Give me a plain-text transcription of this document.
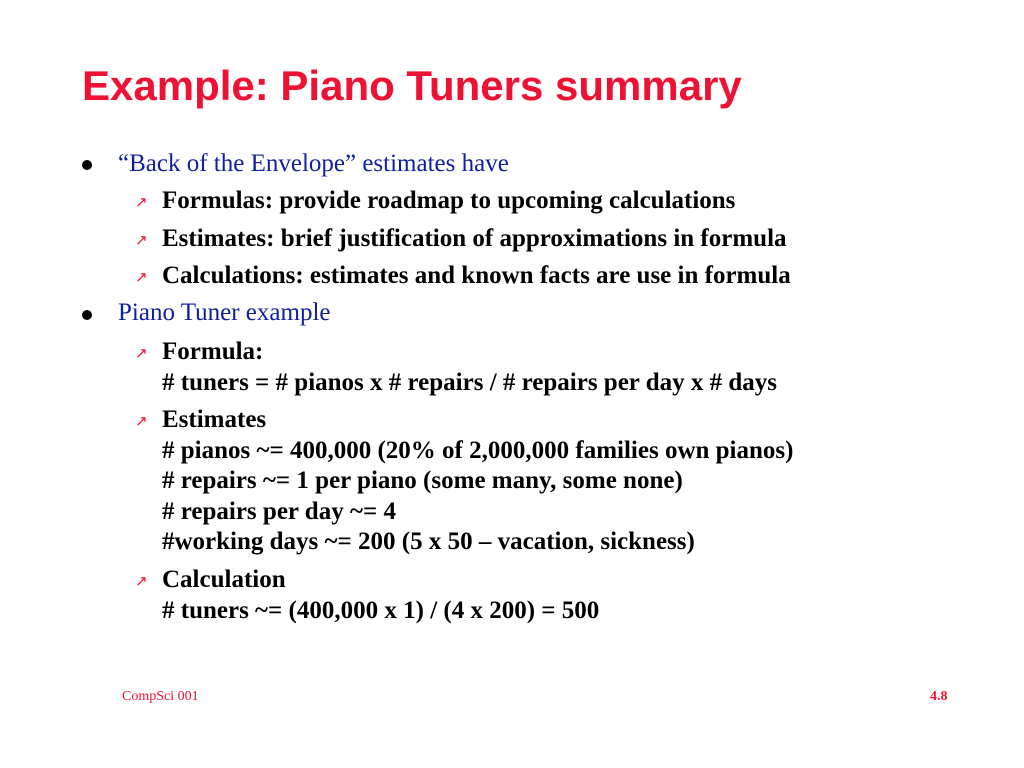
Example: Piano Tuners summary

“Back of the Envelope” estimates have

↗ Formulas: provide roadmap to upcoming calculations

↗ Estimates: brief justification of approximations in formula

↗ Calculations: estimates and known facts are use in formula

Piano Tuner example

↗ Formula:
# tuners = # pianos x # repairs / # repairs per day x # days

↗ Estimates
# pianos ~= 400,000 (20% of 2,000,000 families own pianos)
# repairs ~= 1 per piano (some many, some none)
# repairs per day ~= 4
#working days ~= 200 (5 x 50 – vacation, sickness)

↗ Calculation
# tuners ~= (400,000 x 1) / (4 x 200) = 500

CompSci 001	4.8
